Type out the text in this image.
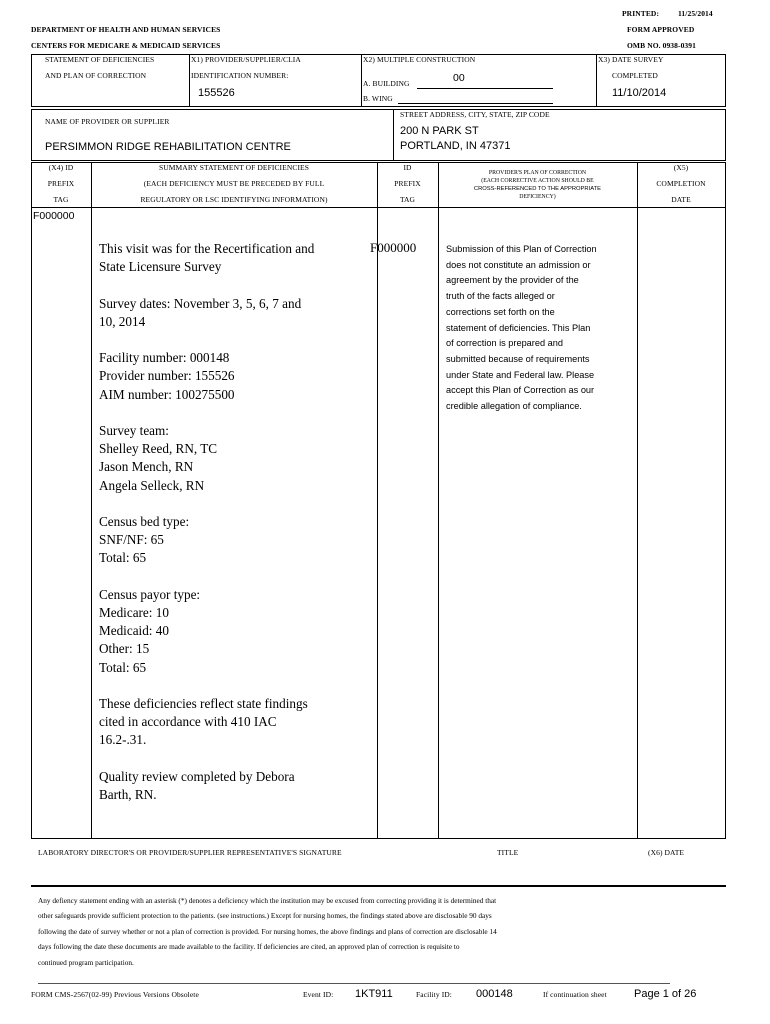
PRINTED:	11/25/2014
FORM APPROVED
OMB NO. 0938-0391
DEPARTMENT OF HEALTH AND HUMAN SERVICES
CENTERS FOR MEDICARE & MEDICAID SERVICES
STATEMENT OF DEFICIENCIES
AND PLAN OF CORRECTION
X1) PROVIDER/SUPPLIER/CLIA
IDENTIFICATION NUMBER:
155526
X2) MULTIPLE CONSTRUCTION
A. BUILDING	00
B. WING
X3) DATE SURVEY
COMPLETED
11/10/2014
NAME OF PROVIDER OR SUPPLIER
PERSIMMON RIDGE REHABILITATION CENTRE
STREET ADDRESS, CITY, STATE, ZIP CODE
200 N PARK ST
PORTLAND, IN 47371
(X4) ID
PREFIX
TAG
SUMMARY STATEMENT OF DEFICIENCIES
(EACH DEFICIENCY MUST BE PRECEDED BY FULL
REGULATORY OR LSC IDENTIFYING INFORMATION)
ID
PREFIX
TAG
PROVIDER'S PLAN OF CORRECTION
(EACH CORRECTIVE ACTION SHOULD BE
CROSS-REFERENCED TO THE APPROPRIATE
DEFICIENCY)
(X5)
COMPLETION
DATE
F000000
This visit was for the Recertification and
State Licensure Survey

Survey dates: November 3, 5, 6, 7 and
10, 2014

Facility number: 000148
Provider number: 155526
AIM number: 100275500

Survey team:
Shelley Reed, RN, TC
Jason Mench, RN
Angela Selleck, RN

Census bed type:
SNF/NF: 65
Total: 65

Census payor type:
Medicare: 10
Medicaid: 40
Other: 15
Total: 65

These deficiencies reflect state findings
cited in accordance with 410 IAC
16.2-.31.

Quality review completed by Debora
Barth, RN.
F000000	Submission of this Plan of Correction
does not constitute an admission or
agreement by the provider of the
truth of the facts alleged or
corrections set forth on the
statement of deficiencies. This Plan
of correction is prepared and
submitted because of requirements
under State and Federal law. Please
accept this Plan of Correction as our
credible allegation of compliance.
LABORATORY DIRECTOR'S OR PROVIDER/SUPPLIER REPRESENTATIVE'S SIGNATURE	TITLE	(X6) DATE
Any defiency statement ending with an asterisk (*) denotes a deficiency which the institution may be excused from correcting providing it is determined that
other safeguards provide sufficient protection to the patients. (see instructions.) Except for nursing homes, the findings stated above are disclosable 90 days
following the date of survey whether or not a plan of correction is provided. For nursing homes, the above findings and plans of correction are disclosable 14
days following the date these documents are made available to the facility. If deficiencies are cited, an approved plan of correction is requisite to
continued program participation.
FORM CMS-2567(02-99) Previous Versions Obsolete	Event ID: 1KT911	Facility ID: 000148	If continuation sheet Page 1 of 26
